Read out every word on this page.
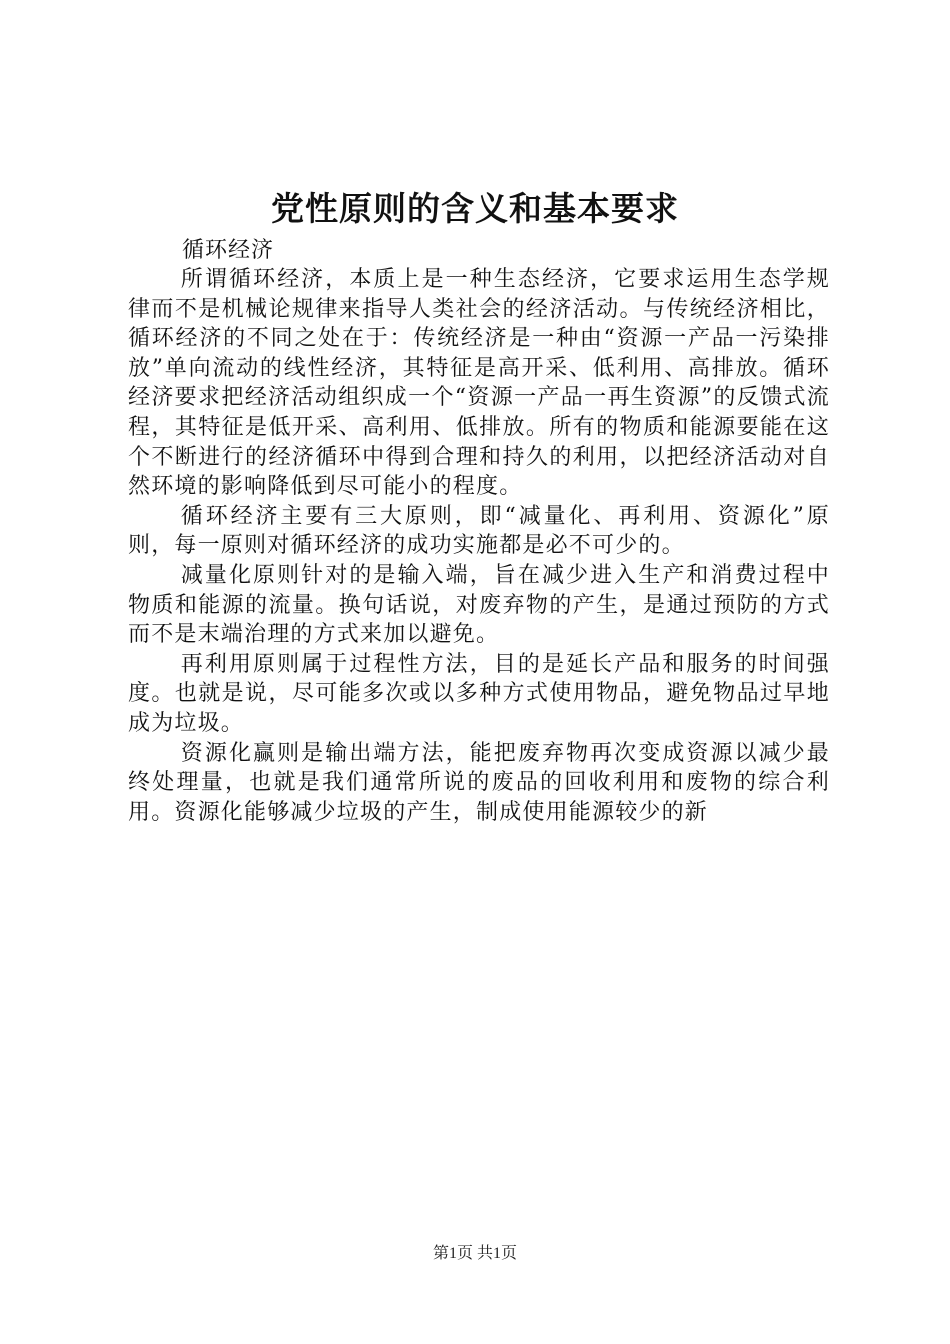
党性原则的含义和基本要求

循环经济

所谓循环经济，本质上是一种生态经济，它要求运用生态学规律而不是机械论规律来指导人类社会的经济活动。与传统经济相比，循环经济的不同之处在于：传统经济是一种由“资源一产品一污染排放”单向流动的线性经济，其特征是高开采、低利用、高排放。循环经济要求把经济活动组织成一个“资源一产品一再生资源”的反馈式流程，其特征是低开采、高利用、低排放。所有的物质和能源要能在这个不断进行的经济循环中得到合理和持久的利用，以把经济活动对自然环境的影响降低到尽可能小的程度。

循环经济主要有三大原则，即“减量化、再利用、资源化”原则，每一原则对循环经济的成功实施都是必不可少的。

减量化原则针对的是输入端，旨在减少进入生产和消费过程中物质和能源的流量。换句话说，对废弃物的产生，是通过预防的方式而不是末端治理的方式来加以避免。

再利用原则属于过程性方法，目的是延长产品和服务的时间强度。也就是说，尽可能多次或以多种方式使用物品，避免物品过早地成为垃圾。

资源化赢则是输出端方法，能把废弃物再次变成资源以减少最终处理量，也就是我们通常所说的废品的回收利用和废物的综合利用。资源化能够减少垃圾的产生，制成使用能源较少的新

第1页 共1页
